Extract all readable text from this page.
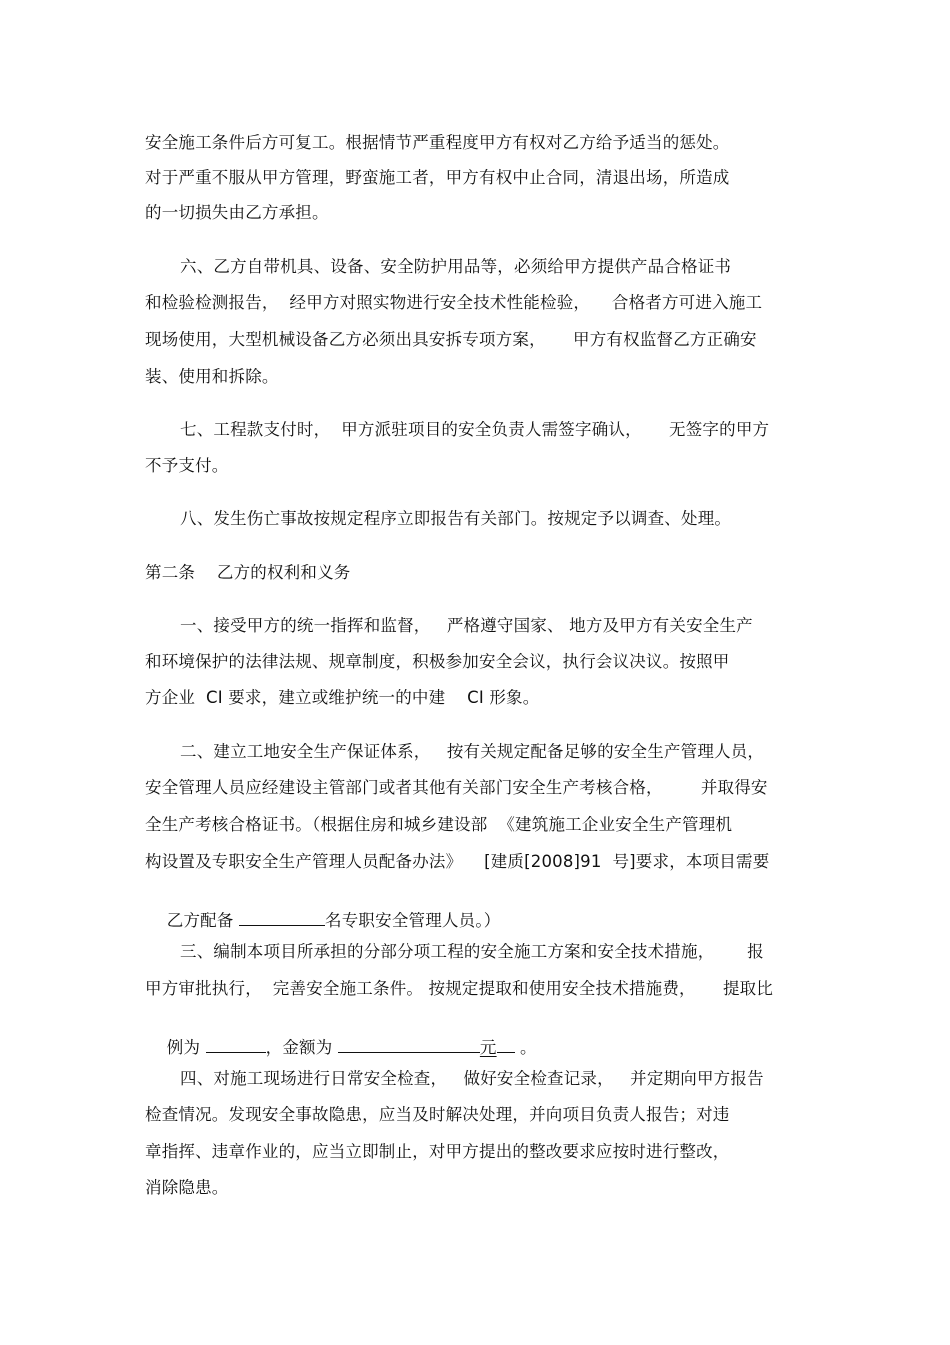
安全施工条件后方可复工。根据情节严重程度甲方有权对乙方给予适当的惩处。
对于严重不服从甲方管理，野蛮施工者，甲方有权中止合同，清退出场，所造成
的一切损失由乙方承担。
六、乙方自带机具、设备、安全防护用品等，必须给甲方提供产品合格证书
和检验检测报告，  经甲方对照实物进行安全技术性能检验，    合格者方可进入施工
现场使用，大型机械设备乙方必须出具安拆专项方案，     甲方有权监督乙方正确安
装、使用和拆除。
七、工程款支付时，  甲方派驻项目的安全负责人需签字确认，     无签字的甲方
不予支付。
八、发生伤亡事故按规定程序立即报告有关部门。按规定予以调查、处理。
第二条    乙方的权利和义务
一、接受甲方的统一指挥和监督，   严格遵守国家、 地方及甲方有关安全生产
和环境保护的法律法规、规章制度，积极参加安全会议，执行会议决议。按照甲
方企业  CI 要求，建立或维护统一的中建    CI 形象。
二、建立工地安全生产保证体系，   按有关规定配备足够的安全生产管理人员，
安全管理人员应经建设主管部门或者其他有关部门安全生产考核合格，       并取得安
全生产考核合格证书。（根据住房和城乡建设部  《建筑施工企业安全生产管理机
构设置及专职安全生产管理人员配备办法》    [建质[2008]91  号]要求，本项目需要

乙方配备	名专职安全管理人员。）

三、编制本项目所承担的分部分项工程的安全施工方案和安全技术措施，      报
甲方审批执行，  完善安全施工条件。 按规定提取和使用安全技术措施费，     提取比

例为	，金额为	元 。

四、对施工现场进行日常安全检查，   做好安全检查记录，   并定期向甲方报告
检查情况。发现安全事故隐患，应当及时解决处理，并向项目负责人报告；对违
章指挥、违章作业的，应当立即制止，对甲方提出的整改要求应按时进行整改，
消除隐患。
